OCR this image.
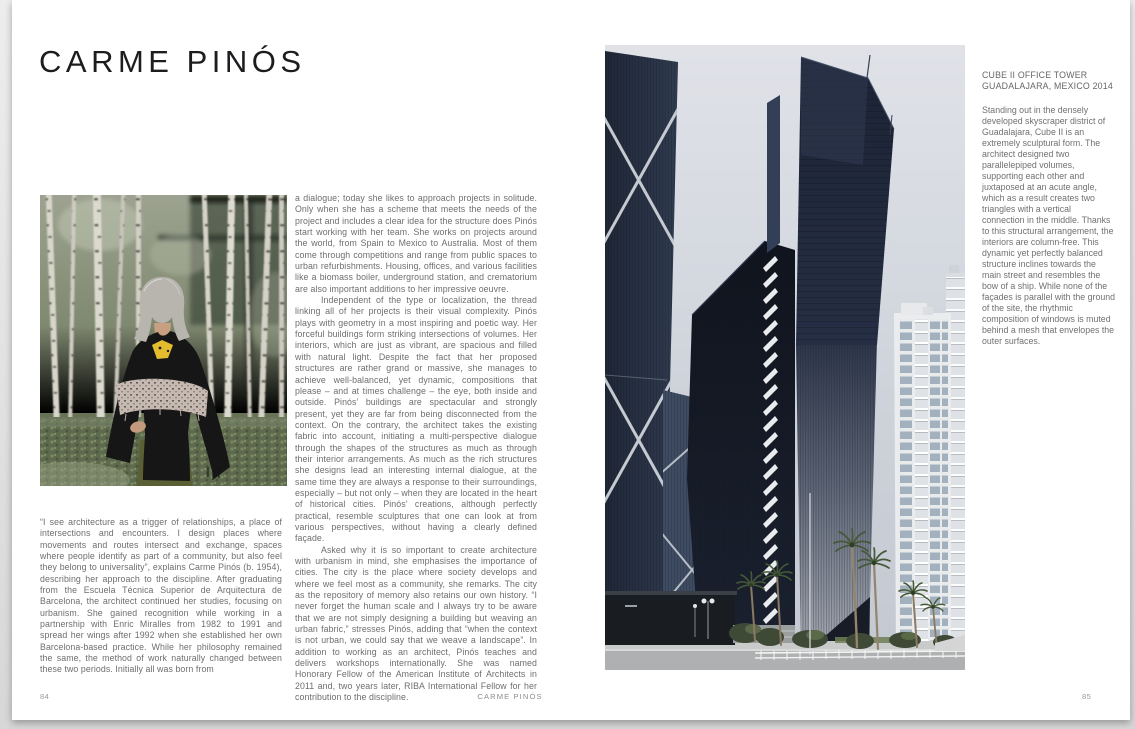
CARME PINÓS
“I see architecture as a trigger of relationships, a place of intersections and encounters. I design places where movements and routes intersect and exchange, spaces where people identify as part of a community, but also feel they belong to universality”, explains Carme Pinós (b. 1954), describing her approach to the discipline. After graduating from the Escuela Técnica Superior de Arquitectura de Barcelona, the architect continued her studies, focusing on urbanism. She gained recognition while working in a partnership with Enric Miralles from 1982 to 1991 and spread her wings after 1992 when she established her own Barcelona-based practice. While her philosophy remained the same, the method of work naturally changed between these two periods. Initially all was born from

a dialogue; today she likes to approach projects in solitude. Only when she has a scheme that meets the needs of the project and includes a clear idea for the structure does Pinós start working with her team. She works on projects around the world, from Spain to Mexico to Australia. Most of them come through competitions and range from public spaces to urban refurbishments. Housing, offices, and various facilities like a biomass boiler, underground station, and crematorium are also important additions to her impressive oeuvre.

Independent of the type or localization, the thread linking all of her projects is their visual complexity. Pinós plays with geometry in a most inspiring and poetic way. Her forceful buildings form striking intersections of volumes. Her interiors, which are just as vibrant, are spacious and filled with natural light. Despite the fact that her proposed structures are rather grand or massive, she manages to achieve well-balanced, yet dynamic, compositions that please – and at times challenge – the eye, both inside and outside. Pinós’ buildings are spectacular and strongly present, yet they are far from being disconnected from the context. On the contrary, the architect takes the existing fabric into account, initiating a multi-perspective dialogue through the shapes of the structures as much as through their interior arrangements. As much as the rich structures she designs lead an interesting internal dialogue, at the same time they are always a response to their surroundings, especially – but not only – when they are located in the heart of historical cities. Pinós’ creations, although perfectly practical, resemble sculptures that one can look at from various perspectives, without having a clearly defined façade.

Asked why it is so important to create architecture with urbanism in mind, she emphasises the importance of cities. The city is the place where society develops and where we feel most as a community, she remarks. The city as the repository of memory also retains our own history. “I never forget the human scale and I always try to be aware that we are not simply designing a building but weaving an urban fabric,” stresses Pinós, adding that “when the context is not urban, we could say that we weave a landscape”. In addition to working as an architect, Pinós teaches and delivers workshops internationally. She was named Honorary Fellow of the American Institute of Architects in 2011 and, two years later, RIBA International Fellow for her contribution to the discipline.

CUBE II OFFICE TOWER
GUADALAJARA, MEXICO 2014

Standing out in the densely developed skyscraper district of Guadalajara, Cube II is an extremely sculptural form. The architect designed two parallelepiped volumes, supporting each other and juxtaposed at an acute angle, which as a result creates two triangles with a vertical connection in the middle. Thanks to this structural arrangement, the interiors are column-free. This dynamic yet perfectly balanced structure inclines towards the main street and resembles the bow of a ship. While none of the façades is parallel with the ground of the site, the rhythmic composition of windows is muted behind a mesh that envelopes the outer surfaces.

84	CARME PINÓS	85
